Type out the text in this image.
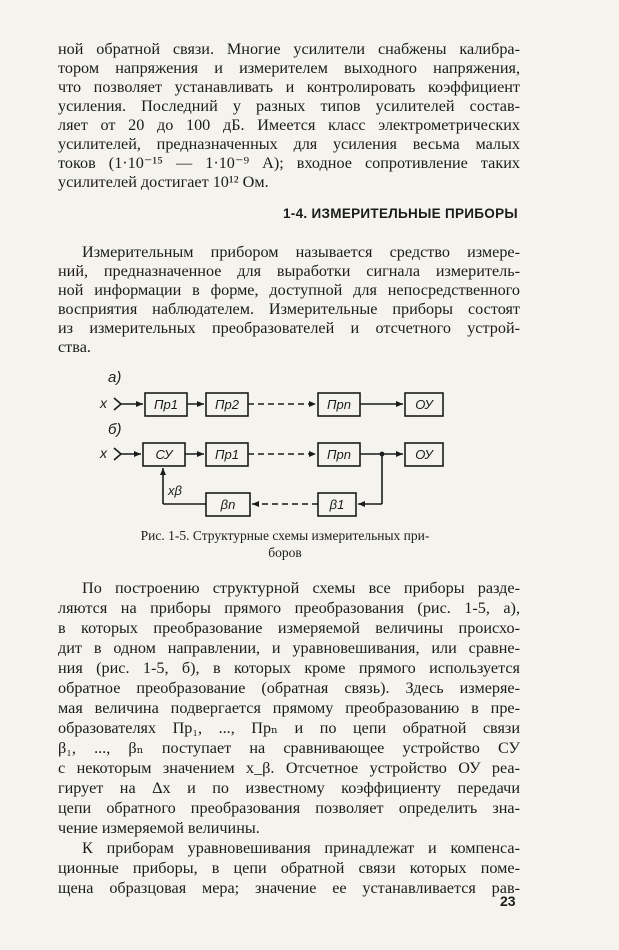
ной обратной связи. Многие усилители снабжены калибра-
тором напряжения и измерителем выходного напряжения,
что позволяет устанавливать и контролировать коэффициент
усиления. Последний у разных типов усилителей состав-
ляет от 20 до 100 дБ. Имеется класс электрометрических
усилителей, предназначенных для усиления весьма малых
токов (1·10⁻¹⁵ — 1·10⁻⁹ А); входное сопротивление таких
усилителей достигает 10¹² Ом.
1-4. ИЗМЕРИТЕЛЬНЫЕ ПРИБОРЫ
Измерительным прибором называется средство измере-
ний, предназначенное для выработки сигнала измеритель-
ной информации в форме, доступной для непосредственного
восприятия наблюдателем. Измерительные приборы состоят
из измерительных преобразователей и отсчетного устрой-
ства.
а)
x	Пр1	Пр2	Прn	ОУ
б)
x	СУ	Пр1	Прn	ОУ
βn	β1
xβ
Рис. 1-5. Структурные схемы измерительных при-
боров
По построению структурной схемы все приборы разде-
ляются на приборы прямого преобразования (рис. 1-5, а),
в которых преобразование измеряемой величины происхо-
дит в одном направлении, и уравновешивания, или сравне-
ния (рис. 1-5, б), в которых кроме прямого используется
обратное преобразование (обратная связь). Здесь измеряе-
мая величина подвергается прямому преобразованию в пре-
образователях Пр₁, ..., Прₙ и по цепи обратной связи
β₁, ..., βₙ поступает на сравнивающее устройство СУ
с некоторым значением x_β. Отсчетное устройство ОУ реа-
гирует на Δx и по известному коэффициенту передачи
цепи обратного преобразования позволяет определить зна-
чение измеряемой величины.
К приборам уравновешивания принадлежат и компенса-
ционные приборы, в цепи обратной связи которых поме-
щена образцовая мера; значение ее устанавливается рав-
23
